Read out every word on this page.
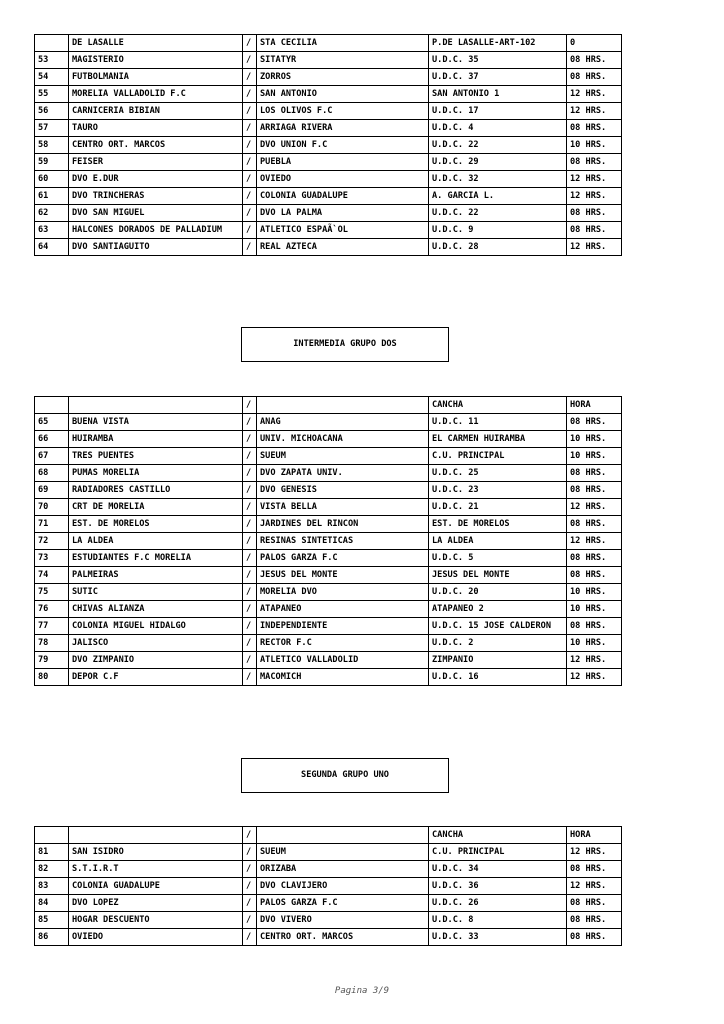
	DE LASALLE	/	STA CECILIA	P.DE LASALLE-ART-102	0
53	MAGISTERIO	/	SITATYR	U.D.C. 35	08 HRS.
54	FUTBOLMANIA	/	ZORROS	U.D.C. 37	08 HRS.
55	MORELIA VALLADOLID F.C	/	SAN ANTONIO	SAN ANTONIO 1	12 HRS.
56	CARNICERIA BIBIAN	/	LOS OLIVOS F.C	U.D.C. 17	12 HRS.
57	TAURO	/	ARRIAGA RIVERA	U.D.C. 4	08 HRS.
58	CENTRO ORT. MARCOS	/	DVO UNION F.C	U.D.C. 22	10 HRS.
59	FEISER	/	PUEBLA	U.D.C. 29	08 HRS.
60	DVO E.DUR	/	OVIEDO	U.D.C. 32	12 HRS.
61	DVO TRINCHERAS	/	COLONIA GUADALUPE	A. GARCIA L.	12 HRS.
62	DVO SAN MIGUEL	/	DVO LA PALMA	U.D.C. 22	08 HRS.
63	HALCONES DORADOS DE PALLADIUM	/	ATLETICO ESPAÃ`OL	U.D.C. 9	08 HRS.
64	DVO SANTIAGUITO	/	REAL AZTECA	U.D.C. 28	12 HRS.
INTERMEDIA GRUPO DOS
		/		CANCHA	HORA
65	BUENA VISTA	/	ANAG	U.D.C. 11	08 HRS.
66	HUIRAMBA	/	UNIV. MICHOACANA	EL CARMEN HUIRAMBA	10 HRS.
67	TRES PUENTES	/	SUEUM	C.U. PRINCIPAL	10 HRS.
68	PUMAS MORELIA	/	DVO ZAPATA UNIV.	U.D.C. 25	08 HRS.
69	RADIADORES CASTILLO	/	DVO GENESIS	U.D.C. 23	08 HRS.
70	CRT DE MORELIA	/	VISTA BELLA	U.D.C. 21	12 HRS.
71	EST. DE MORELOS	/	JARDINES DEL RINCON	EST. DE MORELOS	08 HRS.
72	LA ALDEA	/	RESINAS SINTETICAS	LA ALDEA	12 HRS.
73	ESTUDIANTES F.C MORELIA	/	PALOS GARZA F.C	U.D.C. 5	08 HRS.
74	PALMEIRAS	/	JESUS DEL MONTE	JESUS DEL MONTE	08 HRS.
75	SUTIC	/	MORELIA DVO	U.D.C. 20	10 HRS.
76	CHIVAS ALIANZA	/	ATAPANEO	ATAPANEO 2	10 HRS.
77	COLONIA MIGUEL HIDALGO	/	INDEPENDIENTE	U.D.C. 15 JOSE CALDERON	08 HRS.
78	JALISCO	/	RECTOR F.C	U.D.C. 2	10 HRS.
79	DVO ZIMPANIO	/	ATLETICO VALLADOLID	ZIMPANIO	12 HRS.
80	DEPOR C.F	/	MACOMICH	U.D.C. 16	12 HRS.
SEGUNDA GRUPO UNO
		/		CANCHA	HORA
81	SAN ISIDRO	/	SUEUM	C.U. PRINCIPAL	12 HRS.
82	S.T.I.R.T	/	ORIZABA	U.D.C. 34	08 HRS.
83	COLONIA GUADALUPE	/	DVO CLAVIJERO	U.D.C. 36	12 HRS.
84	DVO LOPEZ	/	PALOS GARZA F.C	U.D.C. 26	08 HRS.
85	HOGAR DESCUENTO	/	DVO VIVERO	U.D.C. 8	08 HRS.
86	OVIEDO	/	CENTRO ORT. MARCOS	U.D.C. 33	08 HRS.
Pagina 3/9
